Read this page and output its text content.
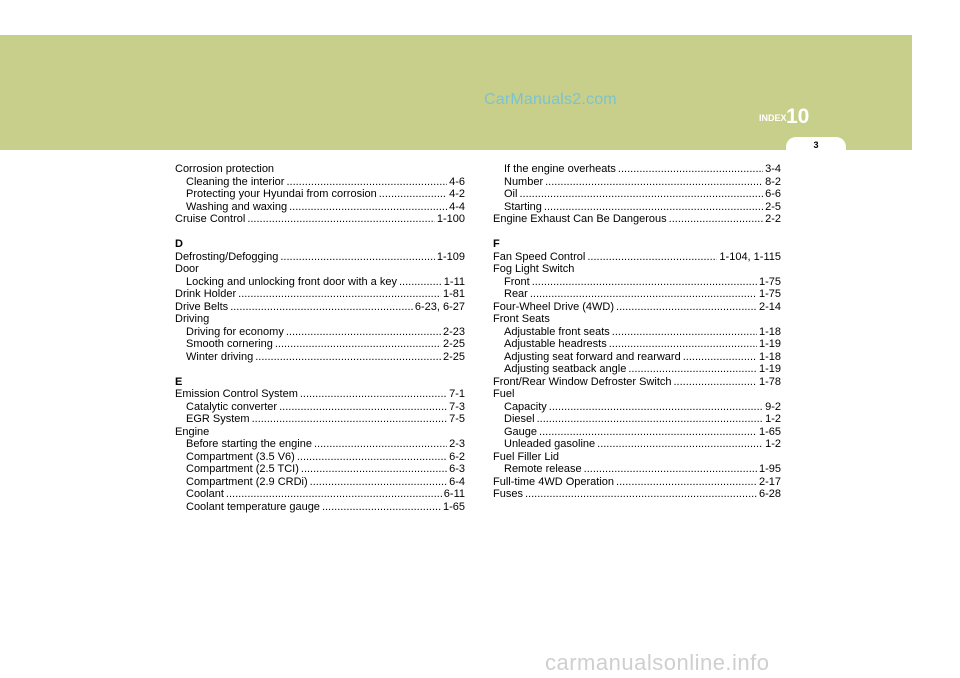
CarManuals2.com
INDEX 10
3
Corrosion protection
Cleaning the interior .....	4-6
Protecting your Hyundai from corrosion .....	4-2
Washing and waxing .....	4-4
Cruise Control .....	1-100
D
Defrosting/Defogging .....	1-109
Door
Locking and unlocking front door with a key .....	1-11
Drink Holder .....	1-81
Drive Belts .....	6-23, 6-27
Driving
Driving for economy .....	2-23
Smooth cornering .....	2-25
Winter driving .....	2-25
E
Emission Control System .....	7-1
Catalytic converter .....	7-3
EGR System .....	7-5
Engine
Before starting the engine .....	2-3
Compartment (3.5 V6) .....	6-2
Compartment (2.5 TCI) .....	6-3
Compartment (2.9 CRDi) .....	6-4
Coolant .....	6-11
Coolant temperature gauge .....	1-65
If the engine overheats .....	3-4
Number .....	8-2
Oil .....	6-6
Starting .....	2-5
Engine Exhaust Can Be Dangerous .....	2-2
F
Fan Speed Control .....	1-104, 1-115
Fog Light Switch
Front .....	1-75
Rear .....	1-75
Four-Wheel Drive (4WD) .....	2-14
Front Seats
Adjustable front seats .....	1-18
Adjustable headrests .....	1-19
Adjusting seat forward and rearward .....	1-18
Adjusting seatback angle .....	1-19
Front/Rear Window Defroster Switch .....	1-78
Fuel
Capacity .....	9-2
Diesel .....	1-2
Gauge .....	1-65
Unleaded gasoline .....	1-2
Fuel Filler Lid
Remote release .....	1-95
Full-time 4WD Operation .....	2-17
Fuses .....	6-28
carmanualsonline.info
